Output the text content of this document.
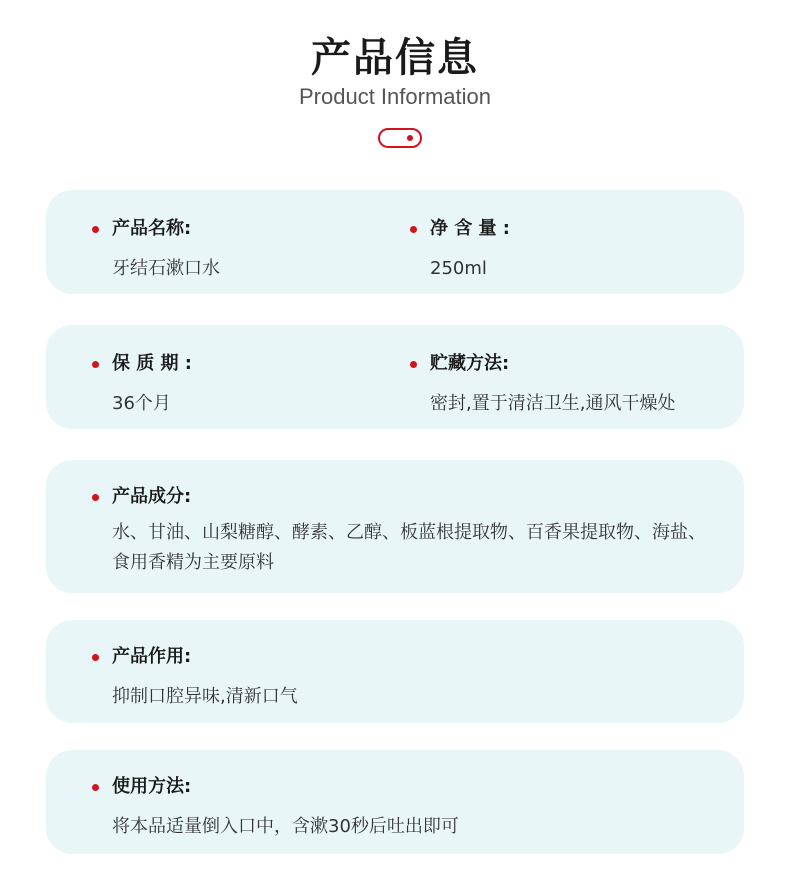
产品信息
Product Information
产品名称:
牙结石漱口水
净 含 量 :
250ml
保 质 期 :
36个月
贮藏方法:
密封,置于清洁卫生,通风干燥处
产品成分:
水、甘油、山梨糖醇、酵素、乙醇、板蓝根提取物、百香果提取物、海盐、食用香精为主要原料
产品作用:
抑制口腔异味,清新口气
使用方法:
将本品适量倒入口中，含漱30秒后吐出即可
